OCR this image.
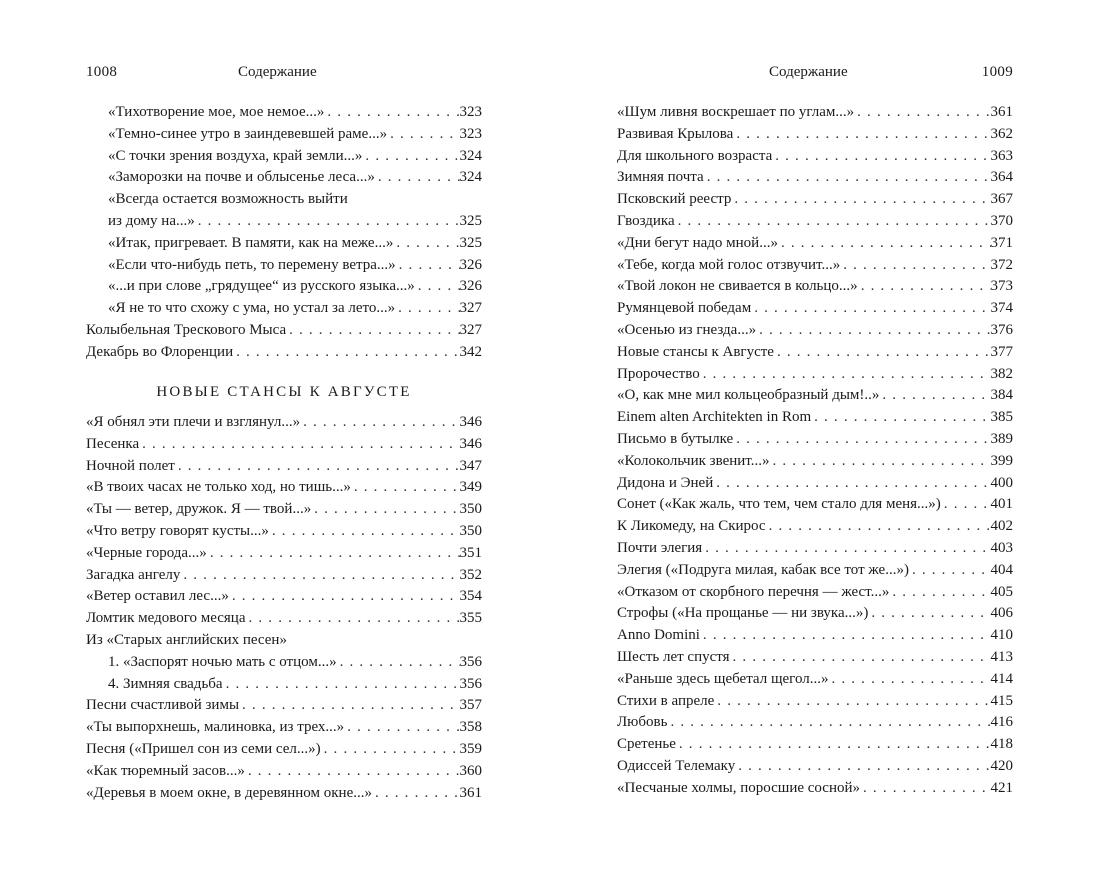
1008	Содержание
«Тихотворение мое, мое немое...» . . .	323
«Темно-синее утро в заиндевевшей раме...» . . .	323
«С точки зрения воздуха, край земли...» . . .	324
«Заморозки на почве и облысенье леса...» . . .	324
«Всегда остается возможность выйти
из дому на...» . . .	325
«Итак, пригревает. В памяти, как на меже...» . . .	325
«Если что-нибудь петь, то перемену ветра...» . . .	326
«...и при слове „грядущее“ из русского языка...» . . .	326
«Я не то что схожу с ума, но устал за лето...» . . .	327
Колыбельная Трескового Мыса . . .	327
Декабрь во Флоренции . . .	342
НОВЫЕ СТАНСЫ К АВГУСТЕ
«Я обнял эти плечи и взглянул...» . . .	346
Песенка . . .	346
Ночной полет . . .	347
«В твоих часах не только ход, но тишь...» . . .	349
«Ты — ветер, дружок. Я — твой...» . . .	350
«Что ветру говорят кусты...» . . .	350
«Черные города...» . . .	351
Загадка ангелу . . .	352
«Ветер оставил лес...» . . .	354
Ломтик медового месяца . . .	355
Из «Старых английских песен»
1. «Заспорят ночью мать с отцом...» . . .	356
4. Зимняя свадьба . . .	356
Песни счастливой зимы . . .	357
«Ты выпорхнешь, малиновка, из трех...» . . .	358
Песня («Пришел сон из семи сел...») . . .	359
«Как тюремный засов...» . . .	360
«Деревья в моем окне, в деревянном окне...» . . .	361
Содержание	1009
«Шум ливня воскрешает по углам...» . . .	361
Развивая Крылова . . .	362
Для школьного возраста . . .	363
Зимняя почта . . .	364
Псковский реестр . . .	367
Гвоздика . . .	370
«Дни бегут надо мной...» . . .	371
«Тебе, когда мой голос отзвучит...» . . .	372
«Твой локон не свивается в кольцо...» . . .	373
Румянцевой победам . . .	374
«Осенью из гнезда...» . . .	376
Новые стансы к Августе . . .	377
Пророчество . . .	382
«О, как мне мил кольцеобразный дым!..» . . .	384
Einem alten Architekten in Rom . . .	385
Письмо в бутылке . . .	389
«Колокольчик звенит...» . . .	399
Дидона и Эней . . .	400
Сонет («Как жаль, что тем, чем стало для меня...») . . .	401
К Ликомеду, на Скирос . . .	402
Почти элегия . . .	403
Элегия («Подруга милая, кабак все тот же...») . . .	404
«Отказом от скорбного перечня — жест...» . . .	405
Строфы («На прощанье — ни звука...») . . .	406
Anno Domini . . .	410
Шесть лет спустя . . .	413
«Раньше здесь щебетал щегол...» . . .	414
Стихи в апреле . . .	415
Любовь . . .	416
Сретенье . . .	418
Одиссей Телемаку . . .	420
«Песчаные холмы, поросшие сосной» . . .	421
